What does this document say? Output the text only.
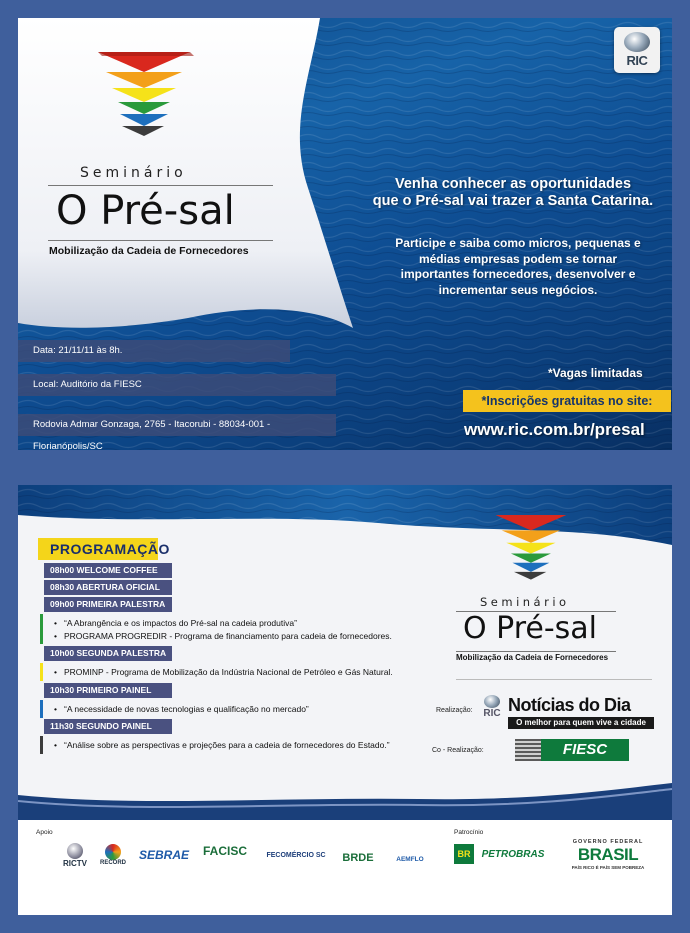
Seminário
O Pré-sal
Mobilização da Cadeia de Fornecedores
RIC
Venha conhecer as oportunidades
que o Pré-sal vai trazer a Santa Catarina.
Participe e saiba como micros, pequenas e
médias empresas podem se tornar
importantes fornecedores, desenvolver e
incrementar seus negócios.
Data: 21/11/11 às 8h.
Local: Auditório da FIESC
Rodovia Admar Gonzaga, 2765 - Itacorubi - 88034-001 - Florianópolis/SC
*Vagas limitadas
*Inscrições gratuitas no site:
www.ric.com.br/presal
PROGRAMAÇÃO
08h00 WELCOME COFFEE
08h30 ABERTURA OFICIAL
09h00 PRIMEIRA PALESTRA
• “A Abrangência e os impactos do Pré-sal na cadeia produtiva”
• PROGRAMA PROGREDIR - Programa de financiamento para cadeia de fornecedores.
10h00 SEGUNDA PALESTRA
• PROMINP - Programa de Mobilização da Indústria Nacional de Petróleo e Gás Natural.
10h30 PRIMEIRO PAINEL
• “A necessidade de novas tecnologias e qualificação no mercado”
11h30 SEGUNDO PAINEL
• “Análise sobre as perspectivas e projeções para a cadeia de fornecedores do Estado.”
Seminário
O Pré-sal
Mobilização da Cadeia de Fornecedores
Realização: RIC Notícias do Dia
O melhor para quem vive a cidade
Co - Realização:	FIESC
Apoio	Patrocínio
RICTV RECORD
SEBRAE	FACISC	FECOMÉRCIO SC	BRDE	AEMFLO	BR	PETROBRAS
GOVERNO FEDERAL
BRASIL
PAÍS RICO É PAÍS SEM POBREZA
